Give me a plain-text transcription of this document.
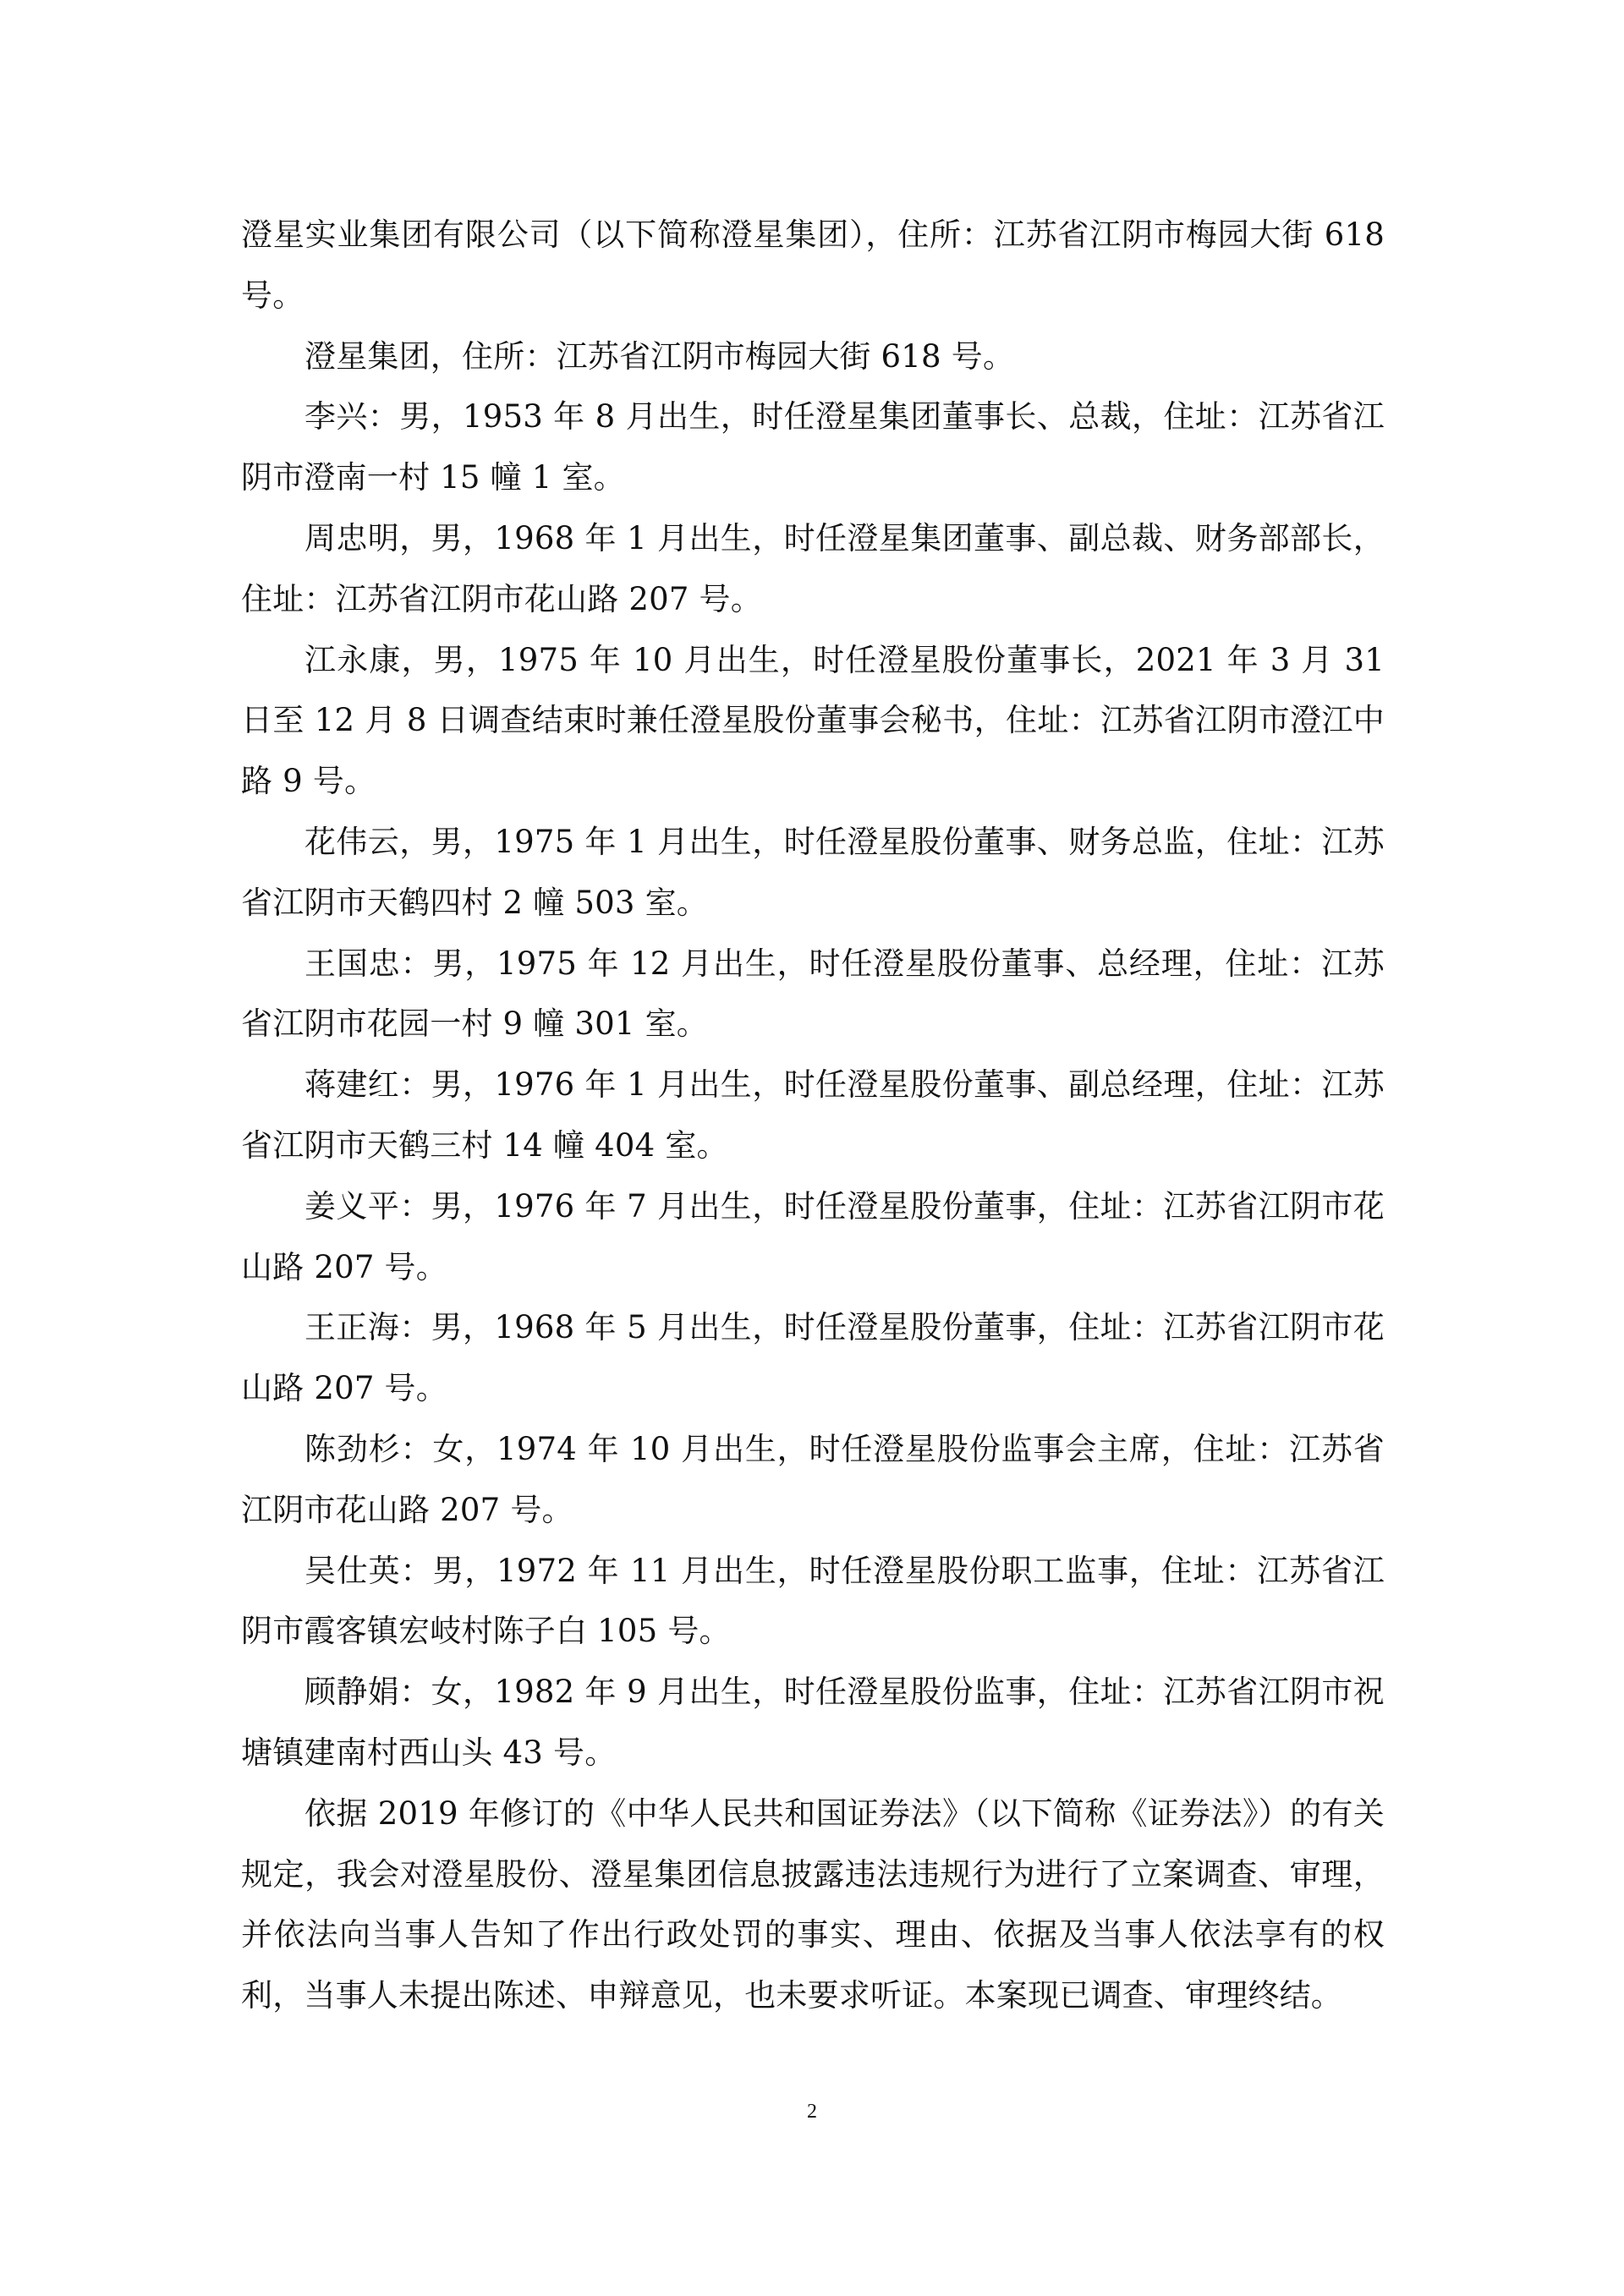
澄星实业集团有限公司（以下简称澄星集团），住所：江苏省江阴市梅园大街 618 号。

澄星集团，住所：江苏省江阴市梅园大街 618 号。

李兴：男，1953 年 8 月出生，时任澄星集团董事长、总裁，住址：江苏省江阴市澄南一村 15 幢 1 室。

周忠明，男，1968 年 1 月出生，时任澄星集团董事、副总裁、财务部部长，住址：江苏省江阴市花山路 207 号。

江永康，男，1975 年 10 月出生，时任澄星股份董事长，2021 年 3 月 31 日至 12 月 8 日调查结束时兼任澄星股份董事会秘书，住址：江苏省江阴市澄江中路 9 号。

花伟云，男，1975 年 1 月出生，时任澄星股份董事、财务总监，住址：江苏省江阴市天鹤四村 2 幢 503 室。

王国忠：男，1975 年 12 月出生，时任澄星股份董事、总经理，住址：江苏省江阴市花园一村 9 幢 301 室。

蒋建红：男，1976 年 1 月出生，时任澄星股份董事、副总经理，住址：江苏省江阴市天鹤三村 14 幢 404 室。

姜义平：男，1976 年 7 月出生，时任澄星股份董事，住址：江苏省江阴市花山路 207 号。

王正海：男，1968 年 5 月出生，时任澄星股份董事，住址：江苏省江阴市花山路 207 号。

陈劲杉：女，1974 年 10 月出生，时任澄星股份监事会主席，住址：江苏省江阴市花山路 207 号。

吴仕英：男，1972 年 11 月出生，时任澄星股份职工监事，住址：江苏省江阴市霞客镇宏岐村陈子白 105 号。

顾静娟：女，1982 年 9 月出生，时任澄星股份监事，住址：江苏省江阴市祝塘镇建南村西山头 43 号。

依据 2019 年修订的《中华人民共和国证券法》（以下简称《证券法》）的有关规定，我会对澄星股份、澄星集团信息披露违法违规行为进行了立案调查、审理，并依法向当事人告知了作出行政处罚的事实、理由、依据及当事人依法享有的权利，当事人未提出陈述、申辩意见，也未要求听证。本案现已调查、审理终结。

2
